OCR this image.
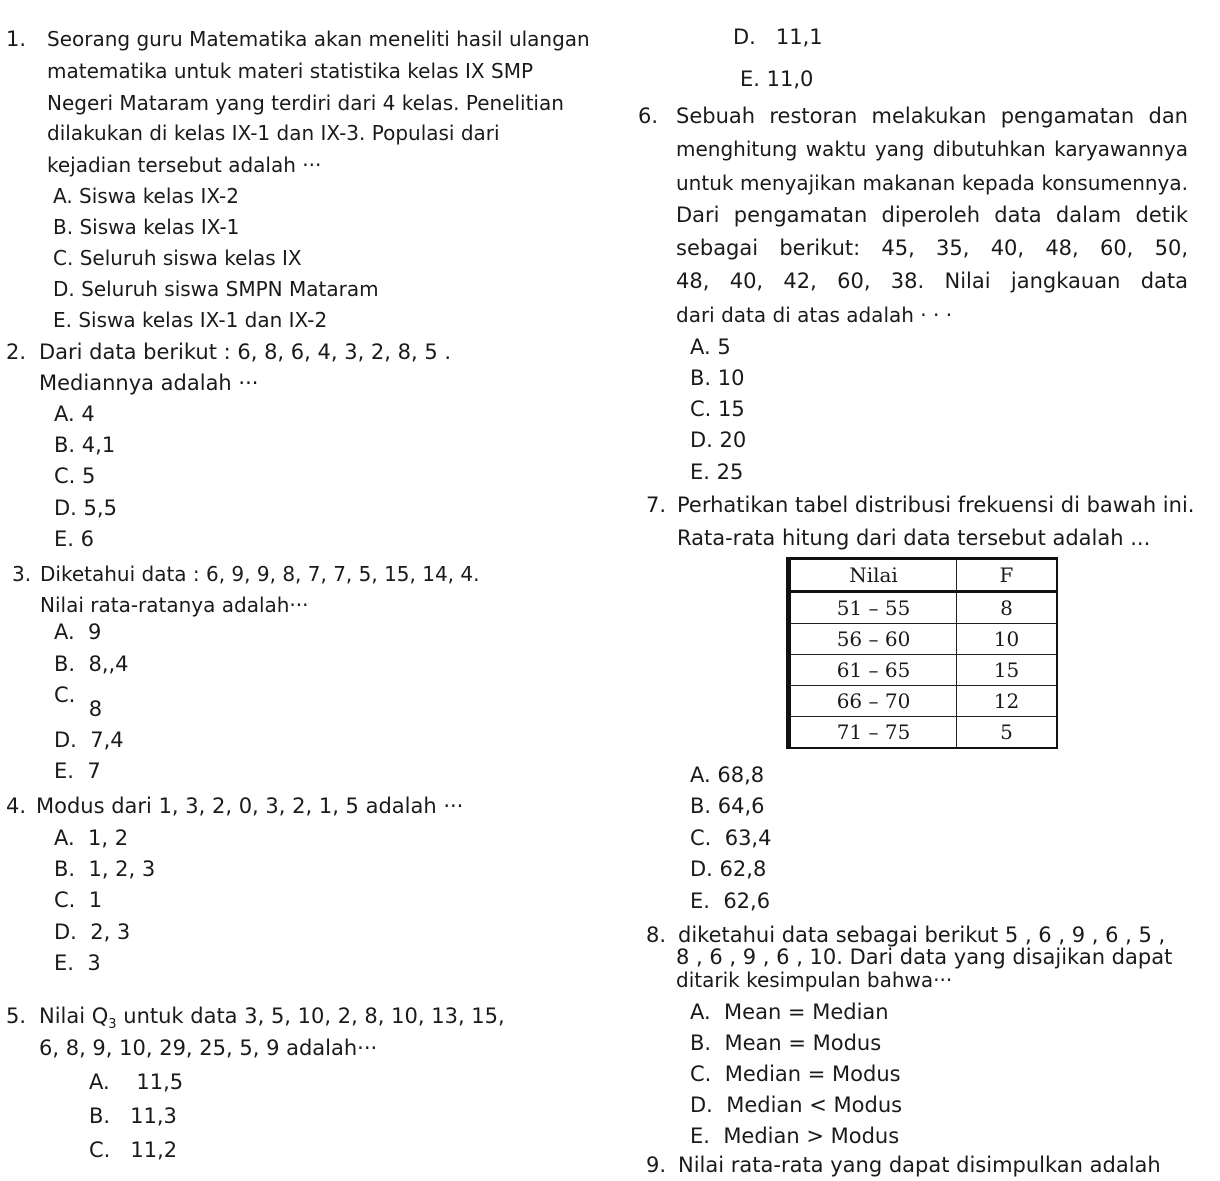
1. Seorang guru Matematika akan meneliti hasil ulangan
matematika untuk materi statistika kelas IX SMP
Negeri Mataram yang terdiri dari 4 kelas. Penelitian
dilakukan di kelas IX-1 dan IX-3. Populasi dari
kejadian tersebut adalah ···
A. Siswa kelas IX-2
B. Siswa kelas IX-1
C. Seluruh siswa kelas IX
D. Seluruh siswa SMPN Mataram
E. Siswa kelas IX-1 dan IX-2
2. Dari data berikut : 6, 8, 6, 4, 3, 2, 8, 5 .
Mediannya adalah ···
A. 4
B. 4,1
C. 5
D. 5,5
E. 6
3. Diketahui data : 6, 9, 9, 8, 7, 7, 5, 15, 14, 4.
Nilai rata-ratanya adalah···
A. 9
B. 8,,4
C.  8
D. 7,4
E. 7
4. Modus dari 1, 3, 2, 0, 3, 2, 1, 5 adalah ···
A. 1, 2
B. 1, 2, 3
C. 1
D. 2, 3
E. 3
5. Nilai $Q_3$ untuk data 3, 5, 10, 2, 8, 10, 13, 15,
6, 8, 9, 10, 29, 25, 5, 9 adalah···
A. 11,5
B. 11,3
C. 11,2
D. 11,1
E. 11,0
6. Sebuah restoran melakukan pengamatan dan
menghitung waktu yang dibutuhkan karyawannya
untuk menyajikan makanan kepada konsumennya.
Dari pengamatan diperoleh data dalam detik
sebagai berikut: 45, 35, 40, 48, 60, 50,
48, 40, 42, 60, 38. Nilai jangkauan data
dari data di atas adalah · · ·
A. 5
B. 10
C. 15
D. 20
E. 25
7. Perhatikan tabel distribusi frekuensi di bawah ini.
Rata-rata hitung dari data tersebut adalah ...
Nilai	F
51 – 55	8
56 – 60	10
61 – 65	15
66 – 70	12
71 – 75	5
A. 68,8
B. 64,6
C. 63,4
D. 62,8
E. 62,6
8. diketahui data sebagai berikut 5 , 6 , 9 , 6 , 5 ,
8 , 6 , 9 , 6 , 10. Dari data yang disajikan dapat
ditarik kesimpulan bahwa···
A. Mean = Median
B. Mean = Modus
C. Median = Modus
D. Median < Modus
E. Median > Modus
9. Nilai rata-rata yang dapat disimpulkan adalah
